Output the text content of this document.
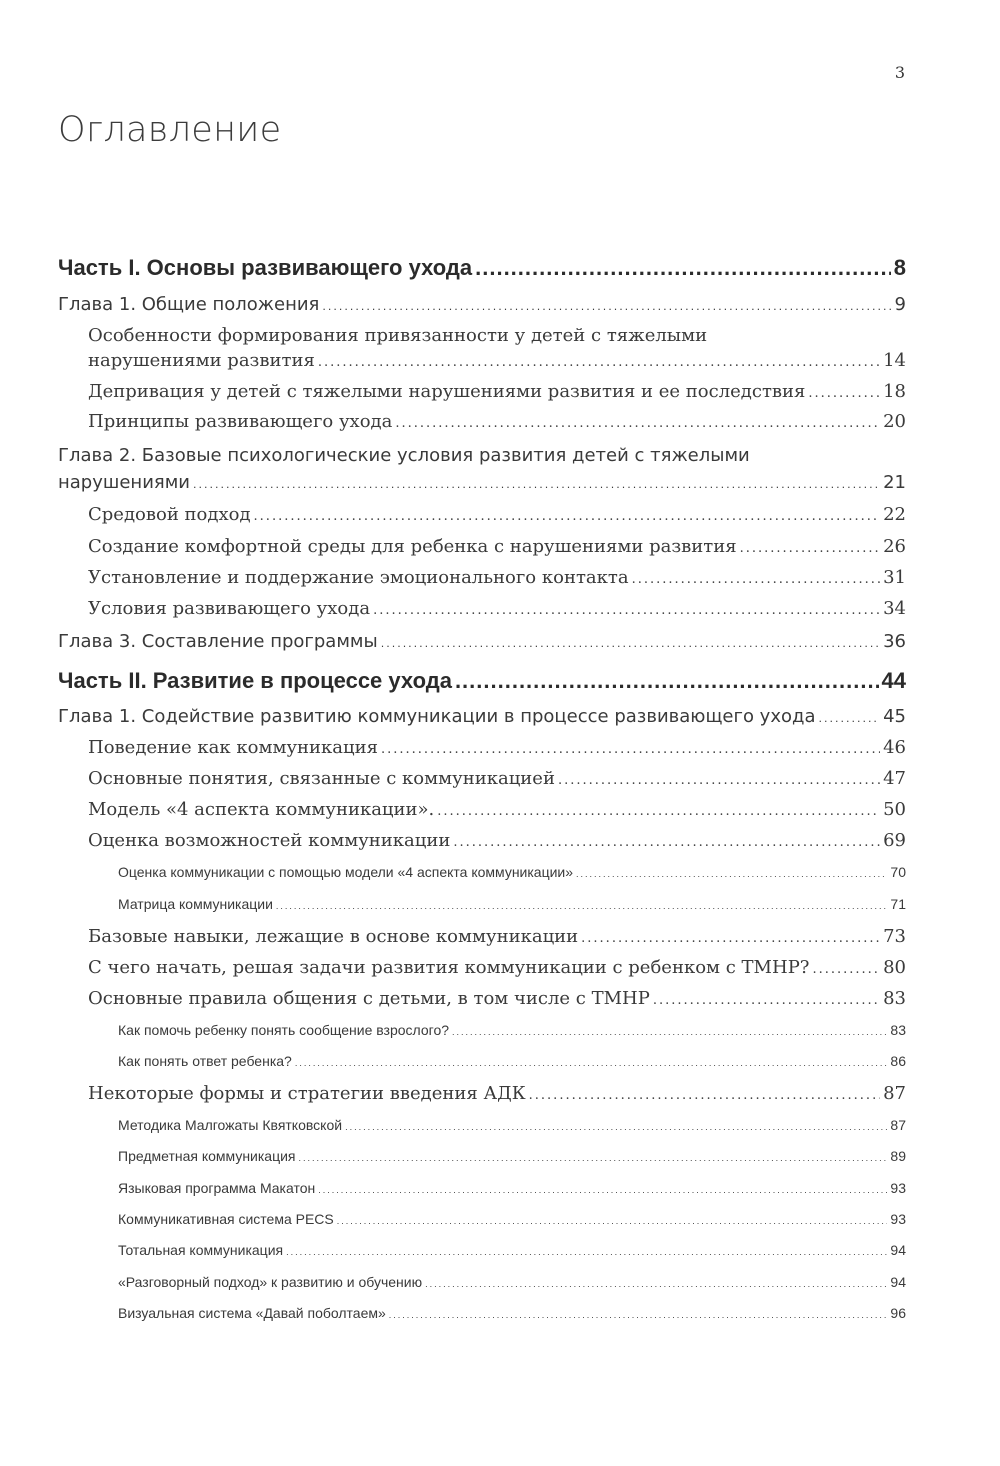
3
Оглавление
Часть I. Основы развивающего ухода .....	8
Глава 1. Общие положения .....	9
Особенности формирования привязанности у детей с тяжелыми
нарушениями развития .....	14
Депривация у детей с тяжелыми нарушениями развития и ее последствия .....	18
Принципы развивающего ухода .....	20
Глава 2. Базовые психологические условия развития детей с тяжелыми
нарушениями .....	21
Средовой подход .....	22
Создание комфортной среды для ребенка с нарушениями развития .....	26
Установление и поддержание эмоционального контакта .....	31
Условия развивающего ухода .....	34
Глава 3. Составление программы .....	36
Часть II. Развитие в процессе ухода .....	44
Глава 1. Содействие развитию коммуникации в процессе развивающего ухода .....	45
Поведение как коммуникация .....	46
Основные понятия, связанные с коммуникацией .....	47
Модель «4 аспекта коммуникации». .....	50
Оценка возможностей коммуникации .....	69
Оценка коммуникации с помощью модели «4 аспекта коммуникации» .....	70
Матрица коммуникации .....	71
Базовые навыки, лежащие в основе коммуникации .....	73
С чего начать, решая задачи развития коммуникации с ребенком с ТМНР? .....	80
Основные правила общения с детьми, в том числе с ТМНР .....	83
Как помочь ребенку понять сообщение взрослого? .....	83
Как понять ответ ребенка? .....	86
Некоторые формы и стратегии введения АДК .....	87
Методика Малгожаты Квятковской .....	87
Предметная коммуникация .....	89
Языковая программа Макатон .....	93
Коммуникативная система PECS .....	93
Тотальная коммуникация .....	94
«Разговорный подход» к развитию и обучению .....	94
Визуальная система «Давай поболтаем» .....	96
